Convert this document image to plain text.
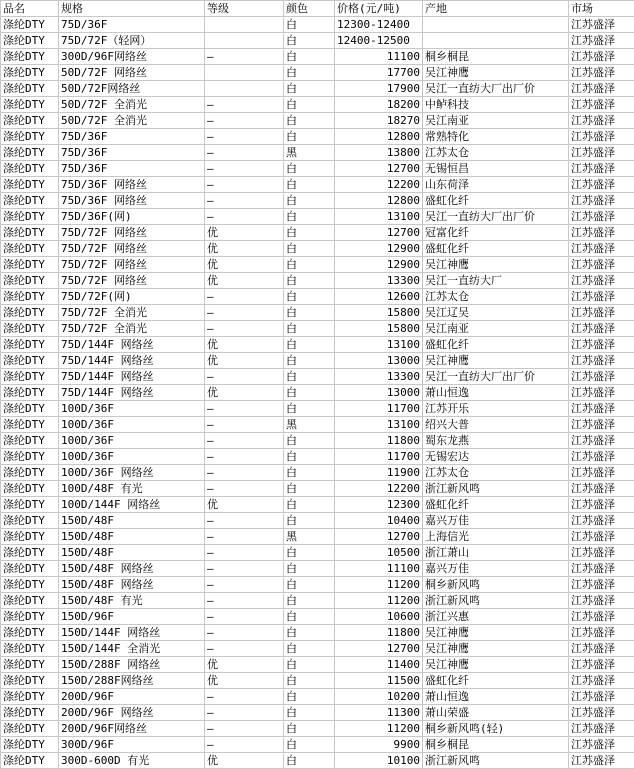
品名	规格	等级	颜色	价格(元/吨)	产地	市场
涤纶DTY	75D/36F		白	12300-12400		江苏盛泽
涤纶DTY	75D/72F（轻网）		白	12400-12500		江苏盛泽
涤纶DTY	300D/96F网络丝	—	白	11100	桐乡桐昆	江苏盛泽
涤纶DTY	50D/72F 网络丝		白	17700	吴江神鹰	江苏盛泽
涤纶DTY	50D/72F网络丝		白	17900	吴江一直纺大厂出厂价	江苏盛泽
涤纶DTY	50D/72F 全消光	—	白	18200	中鲈科技	江苏盛泽
涤纶DTY	50D/72F 全消光	—	白	18270	吴江南亚	江苏盛泽
涤纶DTY	75D/36F	—	白	12800	常熟特化	江苏盛泽
涤纶DTY	75D/36F	—	黑	13800	江苏太仓	江苏盛泽
涤纶DTY	75D/36F	—	白	12700	无锡恒昌	江苏盛泽
涤纶DTY	75D/36F 网络丝	—	白	12200	山东荷泽	江苏盛泽
涤纶DTY	75D/36F 网络丝	—	白	12800	盛虹化纤	江苏盛泽
涤纶DTY	75D/36F(网)	—	白	13100	吴江一直纺大厂出厂价	江苏盛泽
涤纶DTY	75D/72F 网络丝	优	白	12700	冠富化纤	江苏盛泽
涤纶DTY	75D/72F 网络丝	优	白	12900	盛虹化纤	江苏盛泽
涤纶DTY	75D/72F 网络丝	优	白	12900	吴江神鹰	江苏盛泽
涤纶DTY	75D/72F 网络丝	优	白	13300	吴江一直纺大厂	江苏盛泽
涤纶DTY	75D/72F(网)	—	白	12600	江苏太仓	江苏盛泽
涤纶DTY	75D/72F 全消光	—	白	15800	吴江辽吴	江苏盛泽
涤纶DTY	75D/72F 全消光	—	白	15800	吴江南亚	江苏盛泽
涤纶DTY	75D/144F 网络丝	优	白	13100	盛虹化纤	江苏盛泽
涤纶DTY	75D/144F 网络丝	优	白	13000	吴江神鹰	江苏盛泽
涤纶DTY	75D/144F 网络丝	—	白	13300	吴江一直纺大厂出厂价	江苏盛泽
涤纶DTY	75D/144F 网络丝	优	白	13000	萧山恒逸	江苏盛泽
涤纶DTY	100D/36F	—	白	11700	江苏开乐	江苏盛泽
涤纶DTY	100D/36F	—	黑	13100	绍兴大普	江苏盛泽
涤纶DTY	100D/36F	—	白	11800	蜀东龙燕	江苏盛泽
涤纶DTY	100D/36F	—	白	11700	无锡宏达	江苏盛泽
涤纶DTY	100D/36F 网络丝	—	白	11900	江苏太仓	江苏盛泽
涤纶DTY	100D/48F 有光	—	白	12200	浙江新风鸣	江苏盛泽
涤纶DTY	100D/144F 网络丝	优	白	12300	盛虹化纤	江苏盛泽
涤纶DTY	150D/48F	—	白	10400	嘉兴万佳	江苏盛泽
涤纶DTY	150D/48F	—	黑	12700	上海信光	江苏盛泽
涤纶DTY	150D/48F	—	白	10500	浙江萧山	江苏盛泽
涤纶DTY	150D/48F 网络丝	—	白	11100	嘉兴万佳	江苏盛泽
涤纶DTY	150D/48F 网络丝	—	白	11200	桐乡新风鸣	江苏盛泽
涤纶DTY	150D/48F 有光	—	白	11200	浙江新风鸣	江苏盛泽
涤纶DTY	150D/96F	—	白	10600	浙江兴惠	江苏盛泽
涤纶DTY	150D/144F 网络丝	—	白	11800	吴江神鹰	江苏盛泽
涤纶DTY	150D/144F 全消光	—	白	12700	吴江神鹰	江苏盛泽
涤纶DTY	150D/288F 网络丝	优	白	11400	吴江神鹰	江苏盛泽
涤纶DTY	150D/288F网络丝	优	白	11500	盛虹化纤	江苏盛泽
涤纶DTY	200D/96F	—	白	10200	萧山恒逸	江苏盛泽
涤纶DTY	200D/96F 网络丝	—	白	11300	萧山荣盛	江苏盛泽
涤纶DTY	200D/96F网络丝	—	白	11200	桐乡新风鸣(轻)	江苏盛泽
涤纶DTY	300D/96F	—	白	9900	桐乡桐昆	江苏盛泽
涤纶DTY	300D-600D 有光	优	白	10100	浙江新风鸣	江苏盛泽
